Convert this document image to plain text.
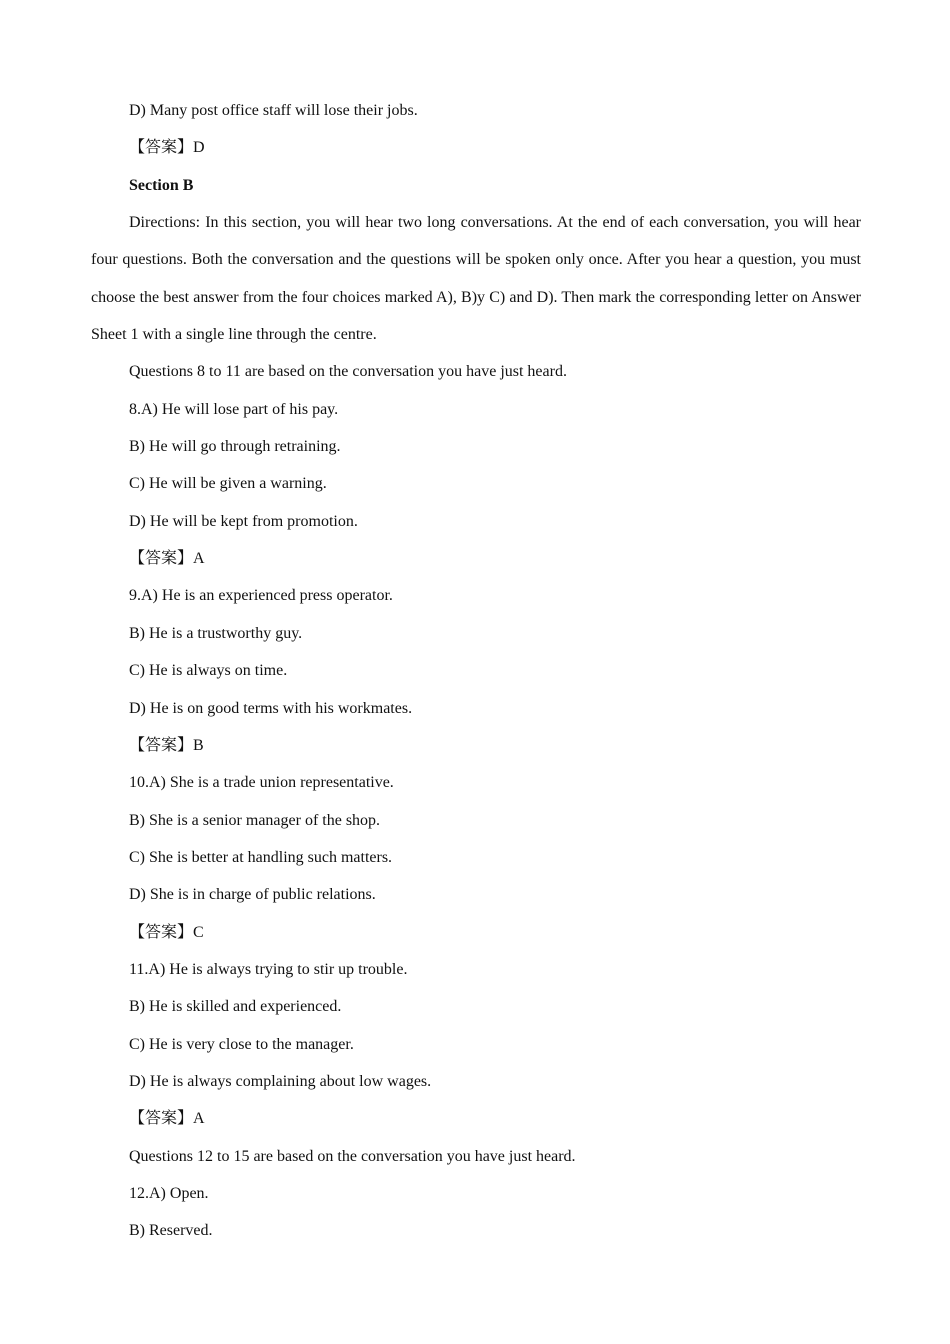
D) Many post office staff will lose their jobs.
【答案】D
Section B

Directions: In this section, you will hear two long conversations. At the end of each conversation, you will hear four questions. Both the conversation and the questions will be spoken only once. After you hear a question, you must choose the best answer from the four choices marked A), B)y C) and D). Then mark the corresponding letter on Answer Sheet 1 with a single line through the centre.

Questions 8 to 11 are based on the conversation you have just heard.
8.A) He will lose part of his pay.
B) He will go through retraining.
C) He will be given a warning.
D) He will be kept from promotion.
【答案】A
9.A) He is an experienced press operator.
B) He is a trustworthy guy.
C) He is always on time.
D) He is on good terms with his workmates.
【答案】B
10.A) She is a trade union representative.
B) She is a senior manager of the shop.
C) She is better at handling such matters.
D) She is in charge of public relations.
【答案】C
11.A) He is always trying to stir up trouble.
B) He is skilled and experienced.
C) He is very close to the manager.
D) He is always complaining about low wages.
【答案】A
Questions 12 to 15 are based on the conversation you have just heard.
12.A) Open.
B) Reserved.
